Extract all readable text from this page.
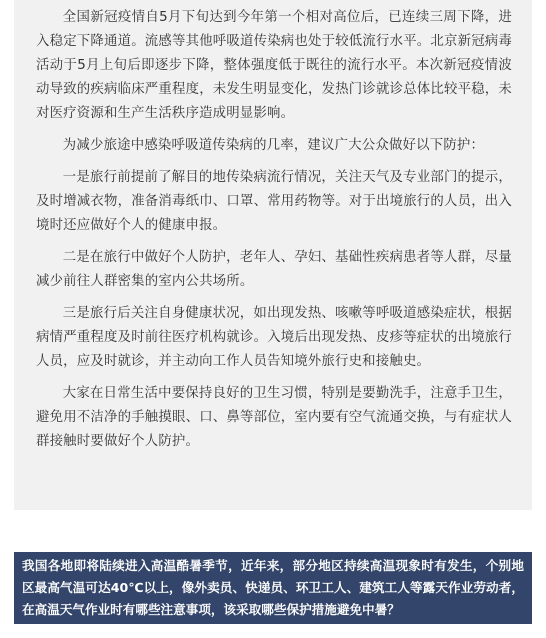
全国新冠疫情自5月下旬达到今年第一个相对高位后，已连续三周下降，进入稳定下降通道。流感等其他呼吸道传染病也处于较低流行水平。北京新冠病毒活动于5月上旬后即逐步下降，整体强度低于既往的流行水平。本次新冠疫情波动导致的疾病临床严重程度，未发生明显变化，发热门诊就诊总体比较平稳，未对医疗资源和生产生活秩序造成明显影响。

为减少旅途中感染呼吸道传染病的几率，建议广大公众做好以下防护：

一是旅行前提前了解目的地传染病流行情况，关注天气及专业部门的提示，及时增减衣物，准备消毒纸巾、口罩、常用药物等。对于出境旅行的人员，出入境时还应做好个人的健康申报。

二是在旅行中做好个人防护，老年人、孕妇、基础性疾病患者等人群，尽量减少前往人群密集的室内公共场所。

三是旅行后关注自身健康状况，如出现发热、咳嗽等呼吸道感染症状，根据病情严重程度及时前往医疗机构就诊。入境后出现发热、皮疹等症状的出境旅行人员，应及时就诊，并主动向工作人员告知境外旅行史和接触史。

大家在日常生活中要保持良好的卫生习惯，特别是要勤洗手，注意手卫生，避免用不洁净的手触摸眼、口、鼻等部位，室内要有空气流通交换，与有症状人群接触时要做好个人防护。

我国各地即将陆续进入高温酷暑季节，近年来，部分地区持续高温现象时有发生，个别地区最高气温可达40℃以上，像外卖员、快递员、环卫工人、建筑工人等露天作业劳动者，在高温天气作业时有哪些注意事项，该采取哪些保护措施避免中暑？
